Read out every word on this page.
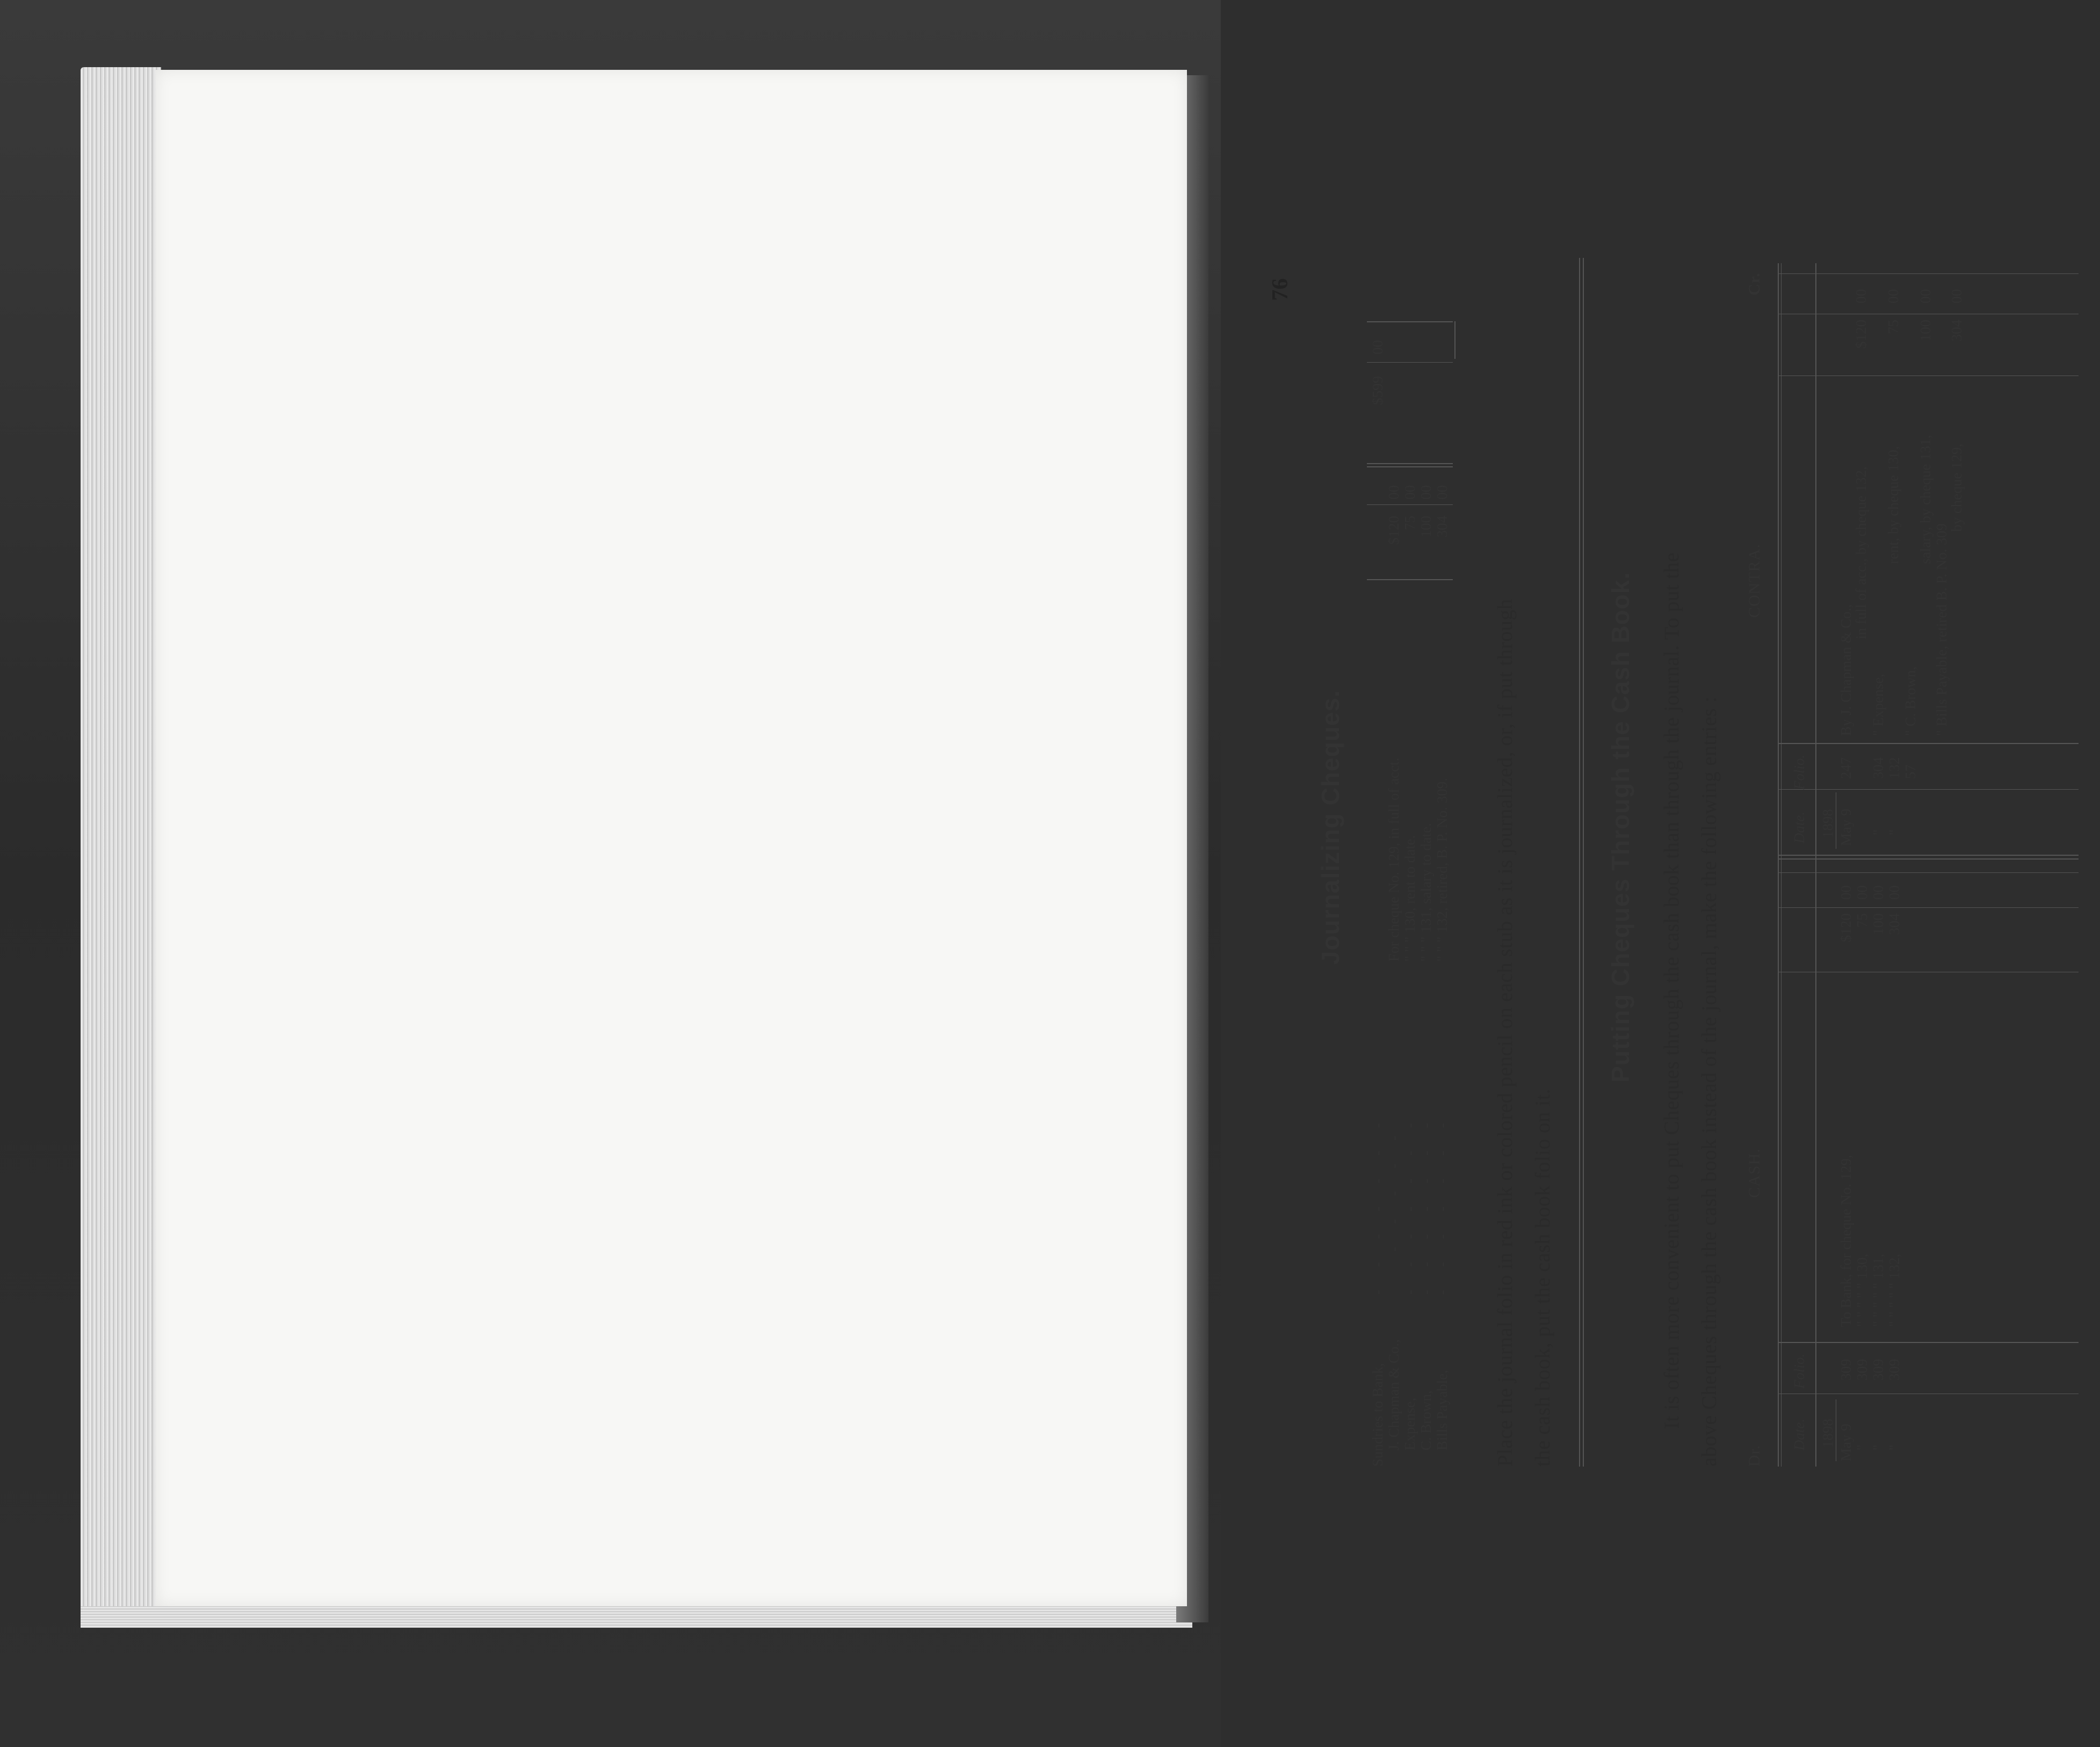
76
Journalizing Cheques.
Sundries to Bank,
- - - - - - -
$599
00
J. Chapman & Co.,
- - - - -
For cheque No. 129, in full of acct.
$120
00
Expense,
- - - - - - -
" " " 130, rent to date.
75
00
C. Brown,
- - - - - - -
" " " 131, salary to date.
100
00
Bills Payable,
- - - - - - -
" " " 132, retired, B. P. No. 309.
304
00
Place the journal folio in red ink or colored pencil on each stub as it is journalized, or, if put through the cash book, put the cash book folio on it.
Putting Cheques Through the Cash Book. It is often more convenient to put Cheques through the cash book than through the journal. To put the above Cheques through the cash book instead of the journal, make the following entries : Dr.
CASH.
CONTRA.
Cr.
Date.
Folio.
Date.
Folio.
1898 May 9
309
To Bank, for cheque No. 129,
$120
00
"
309
" " " " " 130,
75
00
"
309
" " " " " 131,
100
00
"
309
" " " " " 132,
304
00
1898 May 9
247
By J. Chapman & Co.,
in full of acc., by cheque 132,
$120
00
"
304
" Expense,
rent, by cheque 130,
75
00
"
132
" C. Brown,
salary, by cheque 131,
100
00
57
" Bills Payable, retired B. P. No. 309
by cheque 129,
304
00
